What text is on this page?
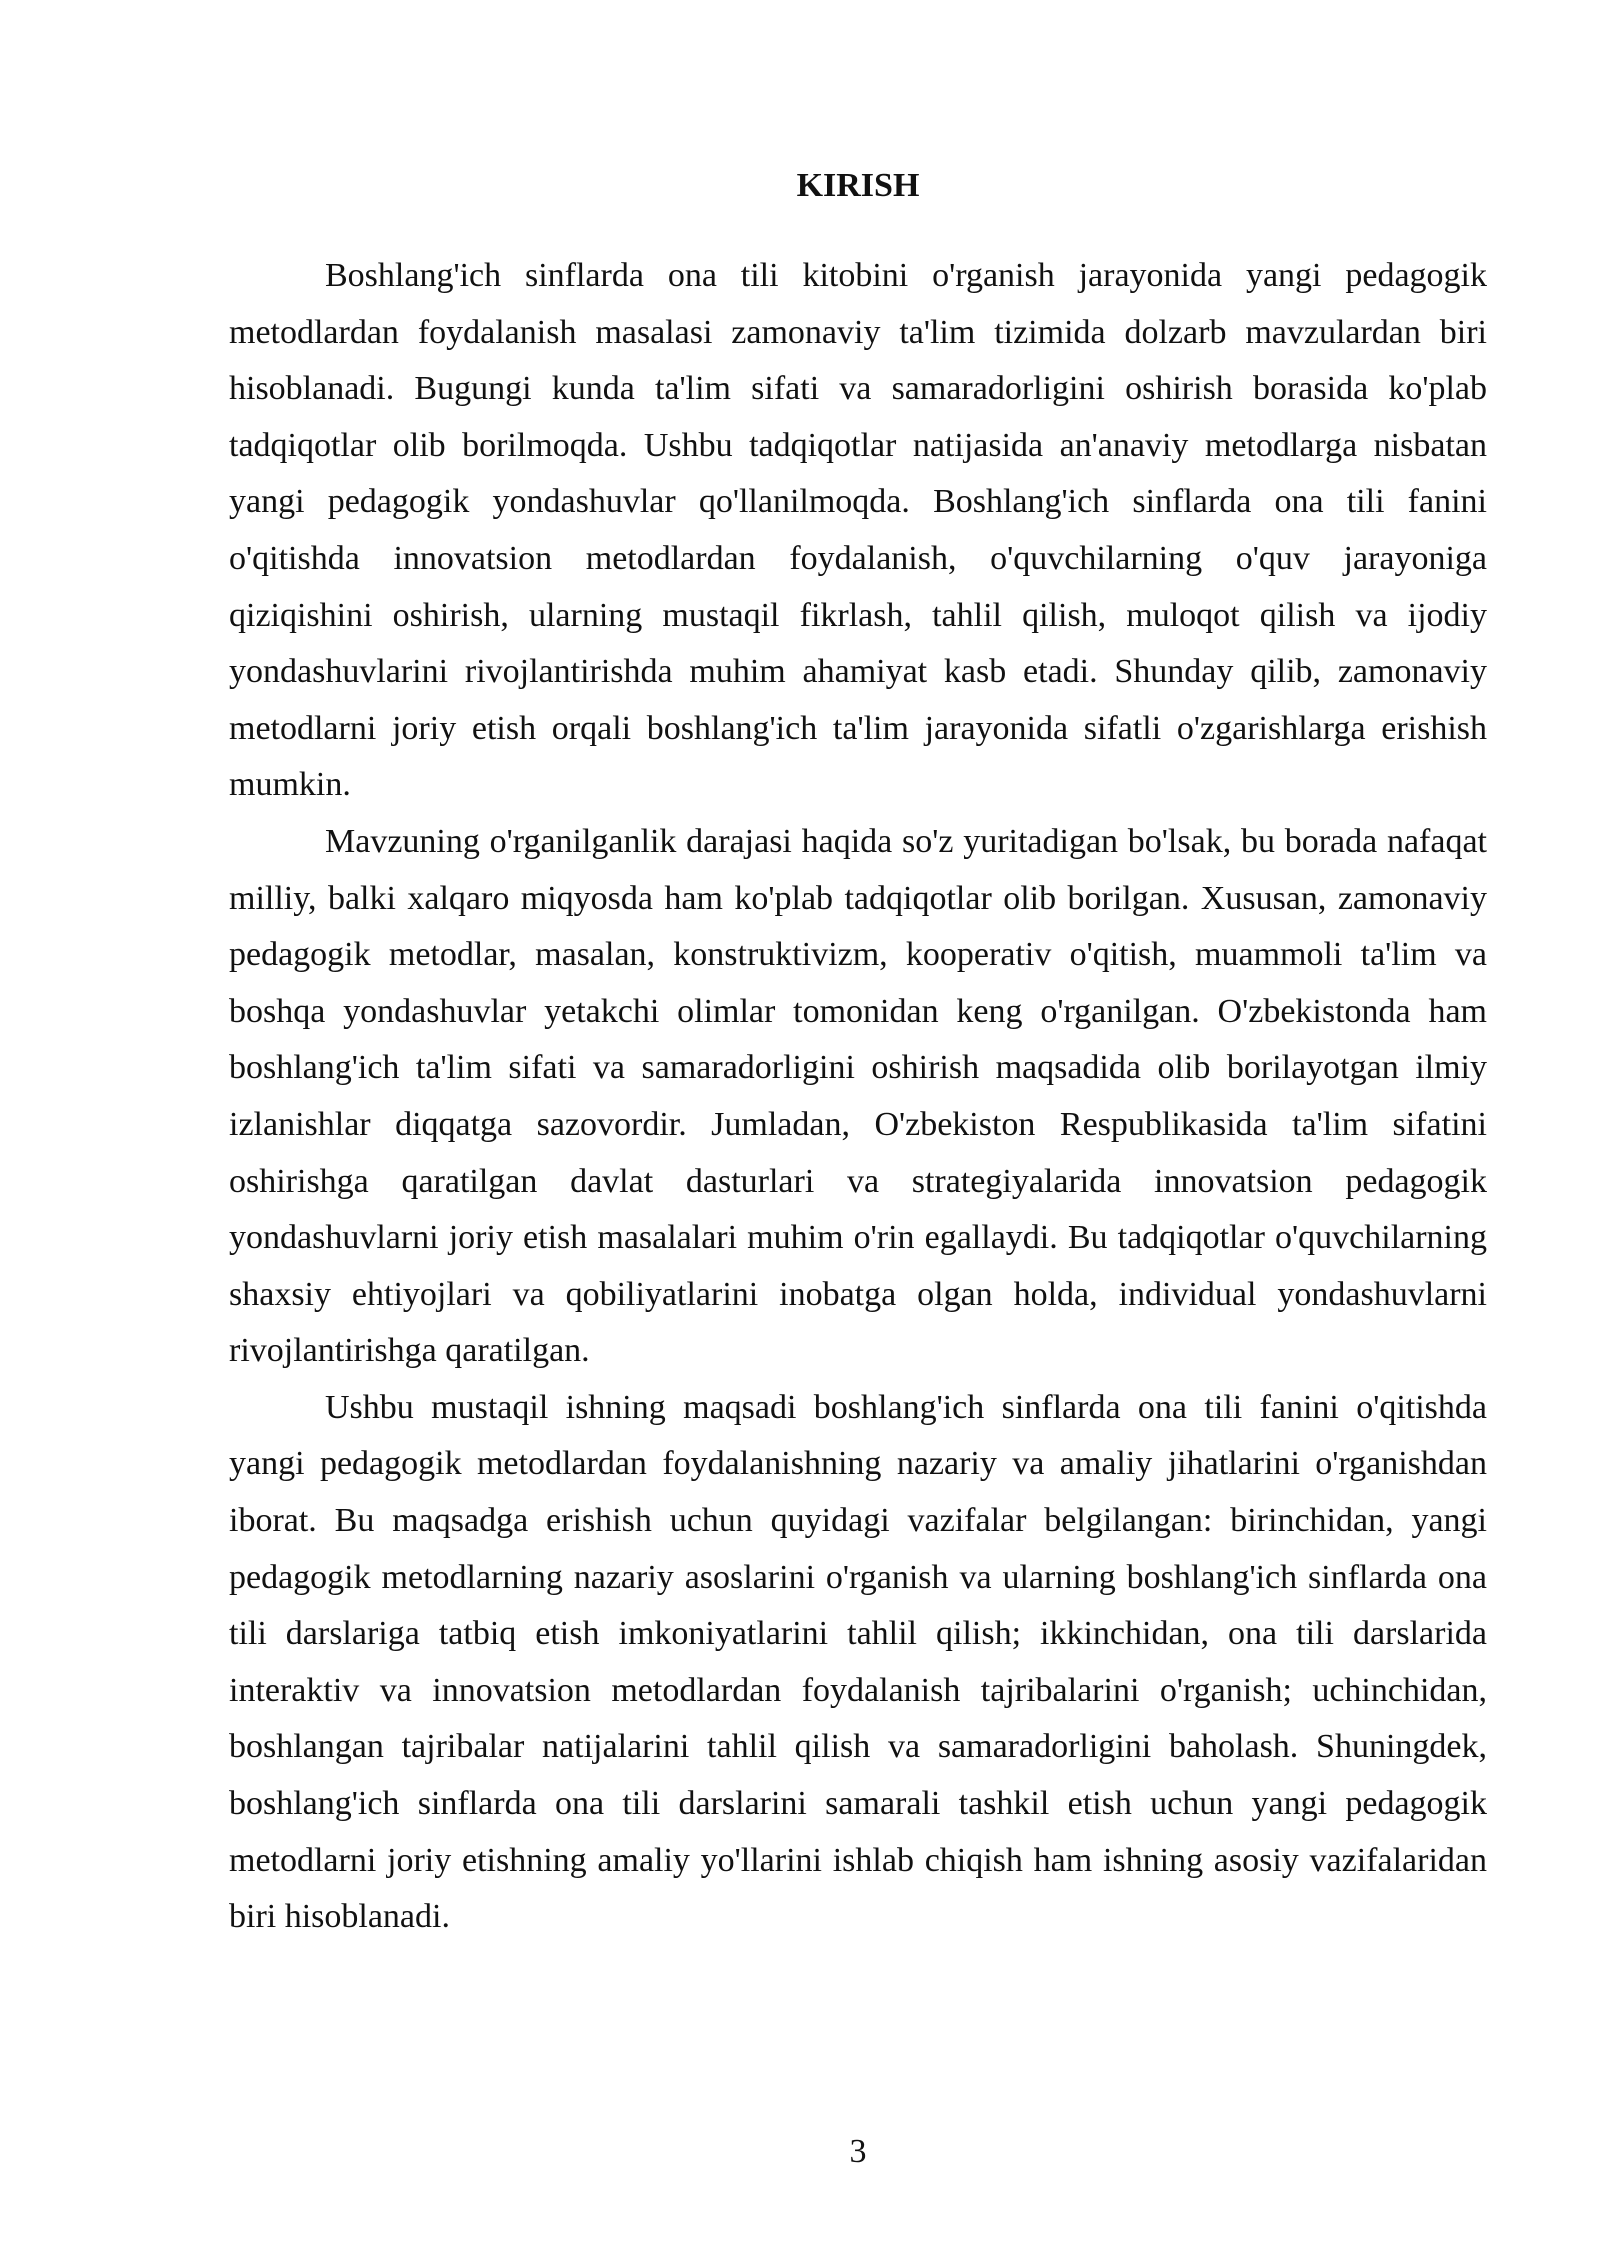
KIRISH

Boshlang'ich sinflarda ona tili kitobini o'rganish jarayonida yangi pedagogik metodlardan foydalanish masalasi zamonaviy ta'lim tizimida dolzarb mavzulardan biri hisoblanadi. Bugungi kunda ta'lim sifati va samaradorligini oshirish borasida ko'plab tadqiqotlar olib borilmoqda. Ushbu tadqiqotlar natijasida an'anaviy metodlarga nisbatan yangi pedagogik yondashuvlar qo'llanilmoqda. Boshlang'ich sinflarda ona tili fanini o'qitishda innovatsion metodlardan foydalanish, o'quvchilarning o'quv jarayoniga qiziqishini oshirish, ularning mustaqil fikrlash, tahlil qilish, muloqot qilish va ijodiy yondashuvlarini rivojlantirishda muhim ahamiyat kasb etadi. Shunday qilib, zamonaviy metodlarni joriy etish orqali boshlang'ich ta'lim jarayonida sifatli o'zgarishlarga erishish mumkin.

Mavzuning o'rganilganlik darajasi haqida so'z yuritadigan bo'lsak, bu borada nafaqat milliy, balki xalqaro miqyosda ham ko'plab tadqiqotlar olib borilgan. Xususan, zamonaviy pedagogik metodlar, masalan, konstruktivizm, kooperativ o'qitish, muammoli ta'lim va boshqa yondashuvlar yetakchi olimlar tomonidan keng o'rganilgan. O'zbekistonda ham boshlang'ich ta'lim sifati va samaradorligini oshirish maqsadida olib borilayotgan ilmiy izlanishlar diqqatga sazovordir. Jumladan, O'zbekiston Respublikasida ta'lim sifatini oshirishga qaratilgan davlat dasturlari va strategiyalarida innovatsion pedagogik yondashuvlarni joriy etish masalalari muhim o'rin egallaydi. Bu tadqiqotlar o'quvchilarning shaxsiy ehtiyojlari va qobiliyatlarini inobatga olgan holda, individual yondashuvlarni rivojlantirishga qaratilgan.

Ushbu mustaqil ishning maqsadi boshlang'ich sinflarda ona tili fanini o'qitishda yangi pedagogik metodlardan foydalanishning nazariy va amaliy jihatlarini o'rganishdan iborat. Bu maqsadga erishish uchun quyidagi vazifalar belgilangan: birinchidan, yangi pedagogik metodlarning nazariy asoslarini o'rganish va ularning boshlang'ich sinflarda ona tili darslariga tatbiq etish imkoniyatlarini tahlil qilish; ikkinchidan, ona tili darslarida interaktiv va innovatsion metodlardan foydalanish tajribalarini o'rganish; uchinchidan, boshlangan tajribalar natijalarini tahlil qilish va samaradorligini baholash. Shuningdek, boshlang'ich sinflarda ona tili darslarini samarali tashkil etish uchun yangi pedagogik metodlarni joriy etishning amaliy yo'llarini ishlab chiqish ham ishning asosiy vazifalaridan biri hisoblanadi.

3
